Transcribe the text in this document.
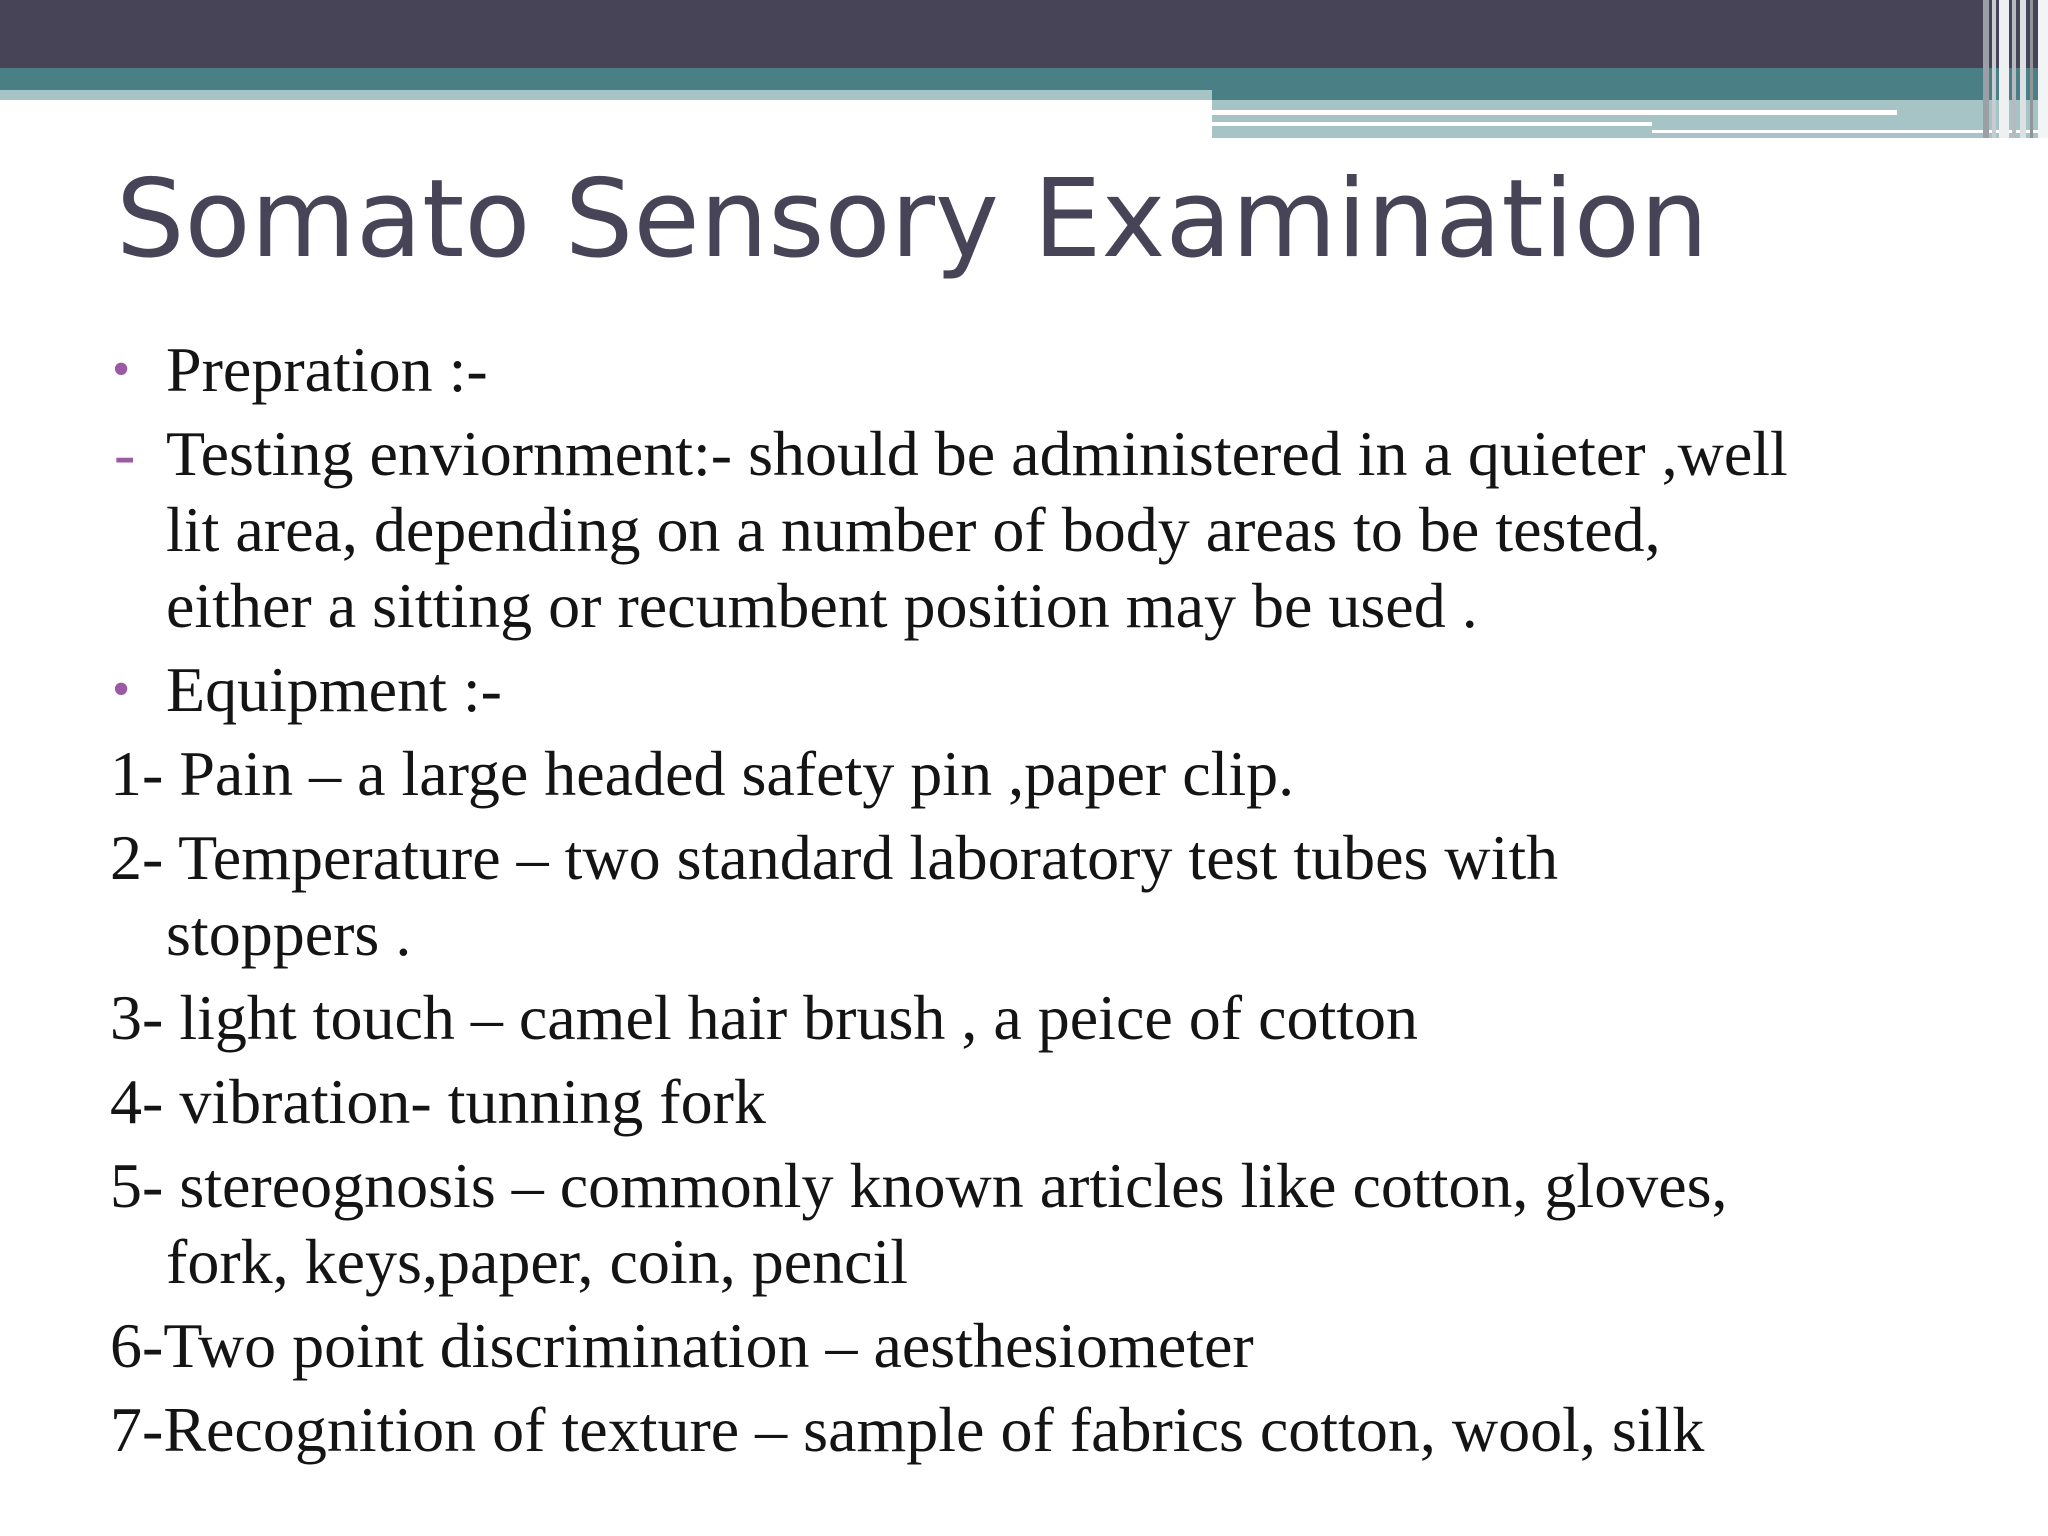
Somato Sensory Examination
• Prepration :-
- Testing enviornment:- should be administered in a quieter ,well
lit area, depending on a number of body areas to be tested,
either a sitting or recumbent position may be used .
• Equipment :-
1- Pain – a large headed safety pin ,paper clip.
2- Temperature – two standard laboratory test tubes with
stoppers .
3- light touch – camel hair brush , a peice of cotton
4- vibration- tunning fork
5- stereognosis – commonly known articles like cotton, gloves,
fork, keys,paper, coin, pencil
6-Two point discrimination – aesthesiometer
7-Recognition of texture – sample of fabrics cotton, wool, silk
